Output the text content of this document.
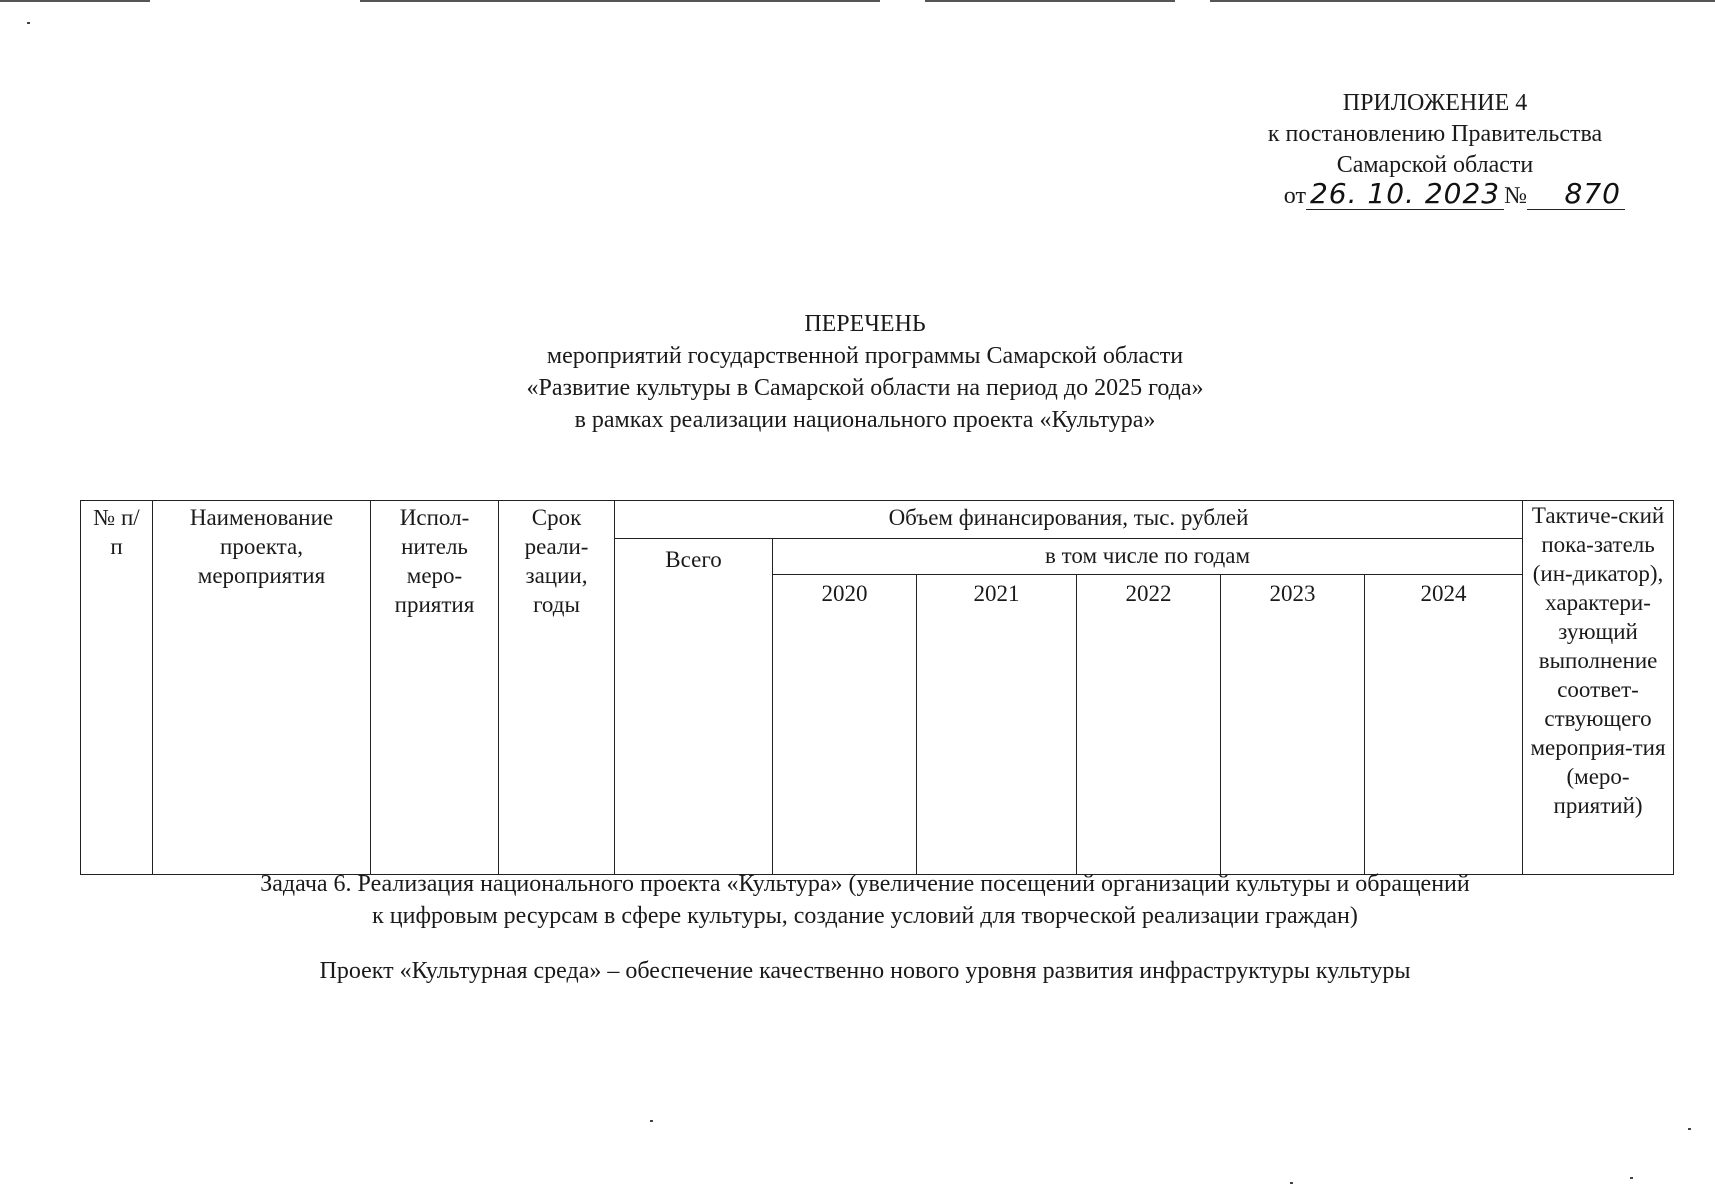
ПРИЛОЖЕНИЕ 4
к постановлению Правительства
Самарской области
от 26. 10. 2023 № 870
ПЕРЕЧЕНЬ
мероприятий государственной программы Самарской области
«Развитие культуры в Самарской области на период до 2025 года»
в рамках реализации национального проекта «Культура»
№ п/п	Наименование проекта, мероприятия	Испол-нитель меро-приятия	Срок реали-зации, годы	Объем финансирования, тыс. рублей						Тактиче-ский пока-затель (ин-дикатор), характери-зующий выполнение соответ-ствующего мероприя-тия (меро-приятий)
				Всего	в том числе по годам					
					2020	2021	2022	2023	2024	
Задача 6. Реализация национального проекта «Культура» (увеличение посещений организаций культуры и обращений
к цифровым ресурсам в сфере культуры, создание условий для творческой реализации граждан)
Проект «Культурная среда» – обеспечение качественно нового уровня развития инфраструктуры культуры
